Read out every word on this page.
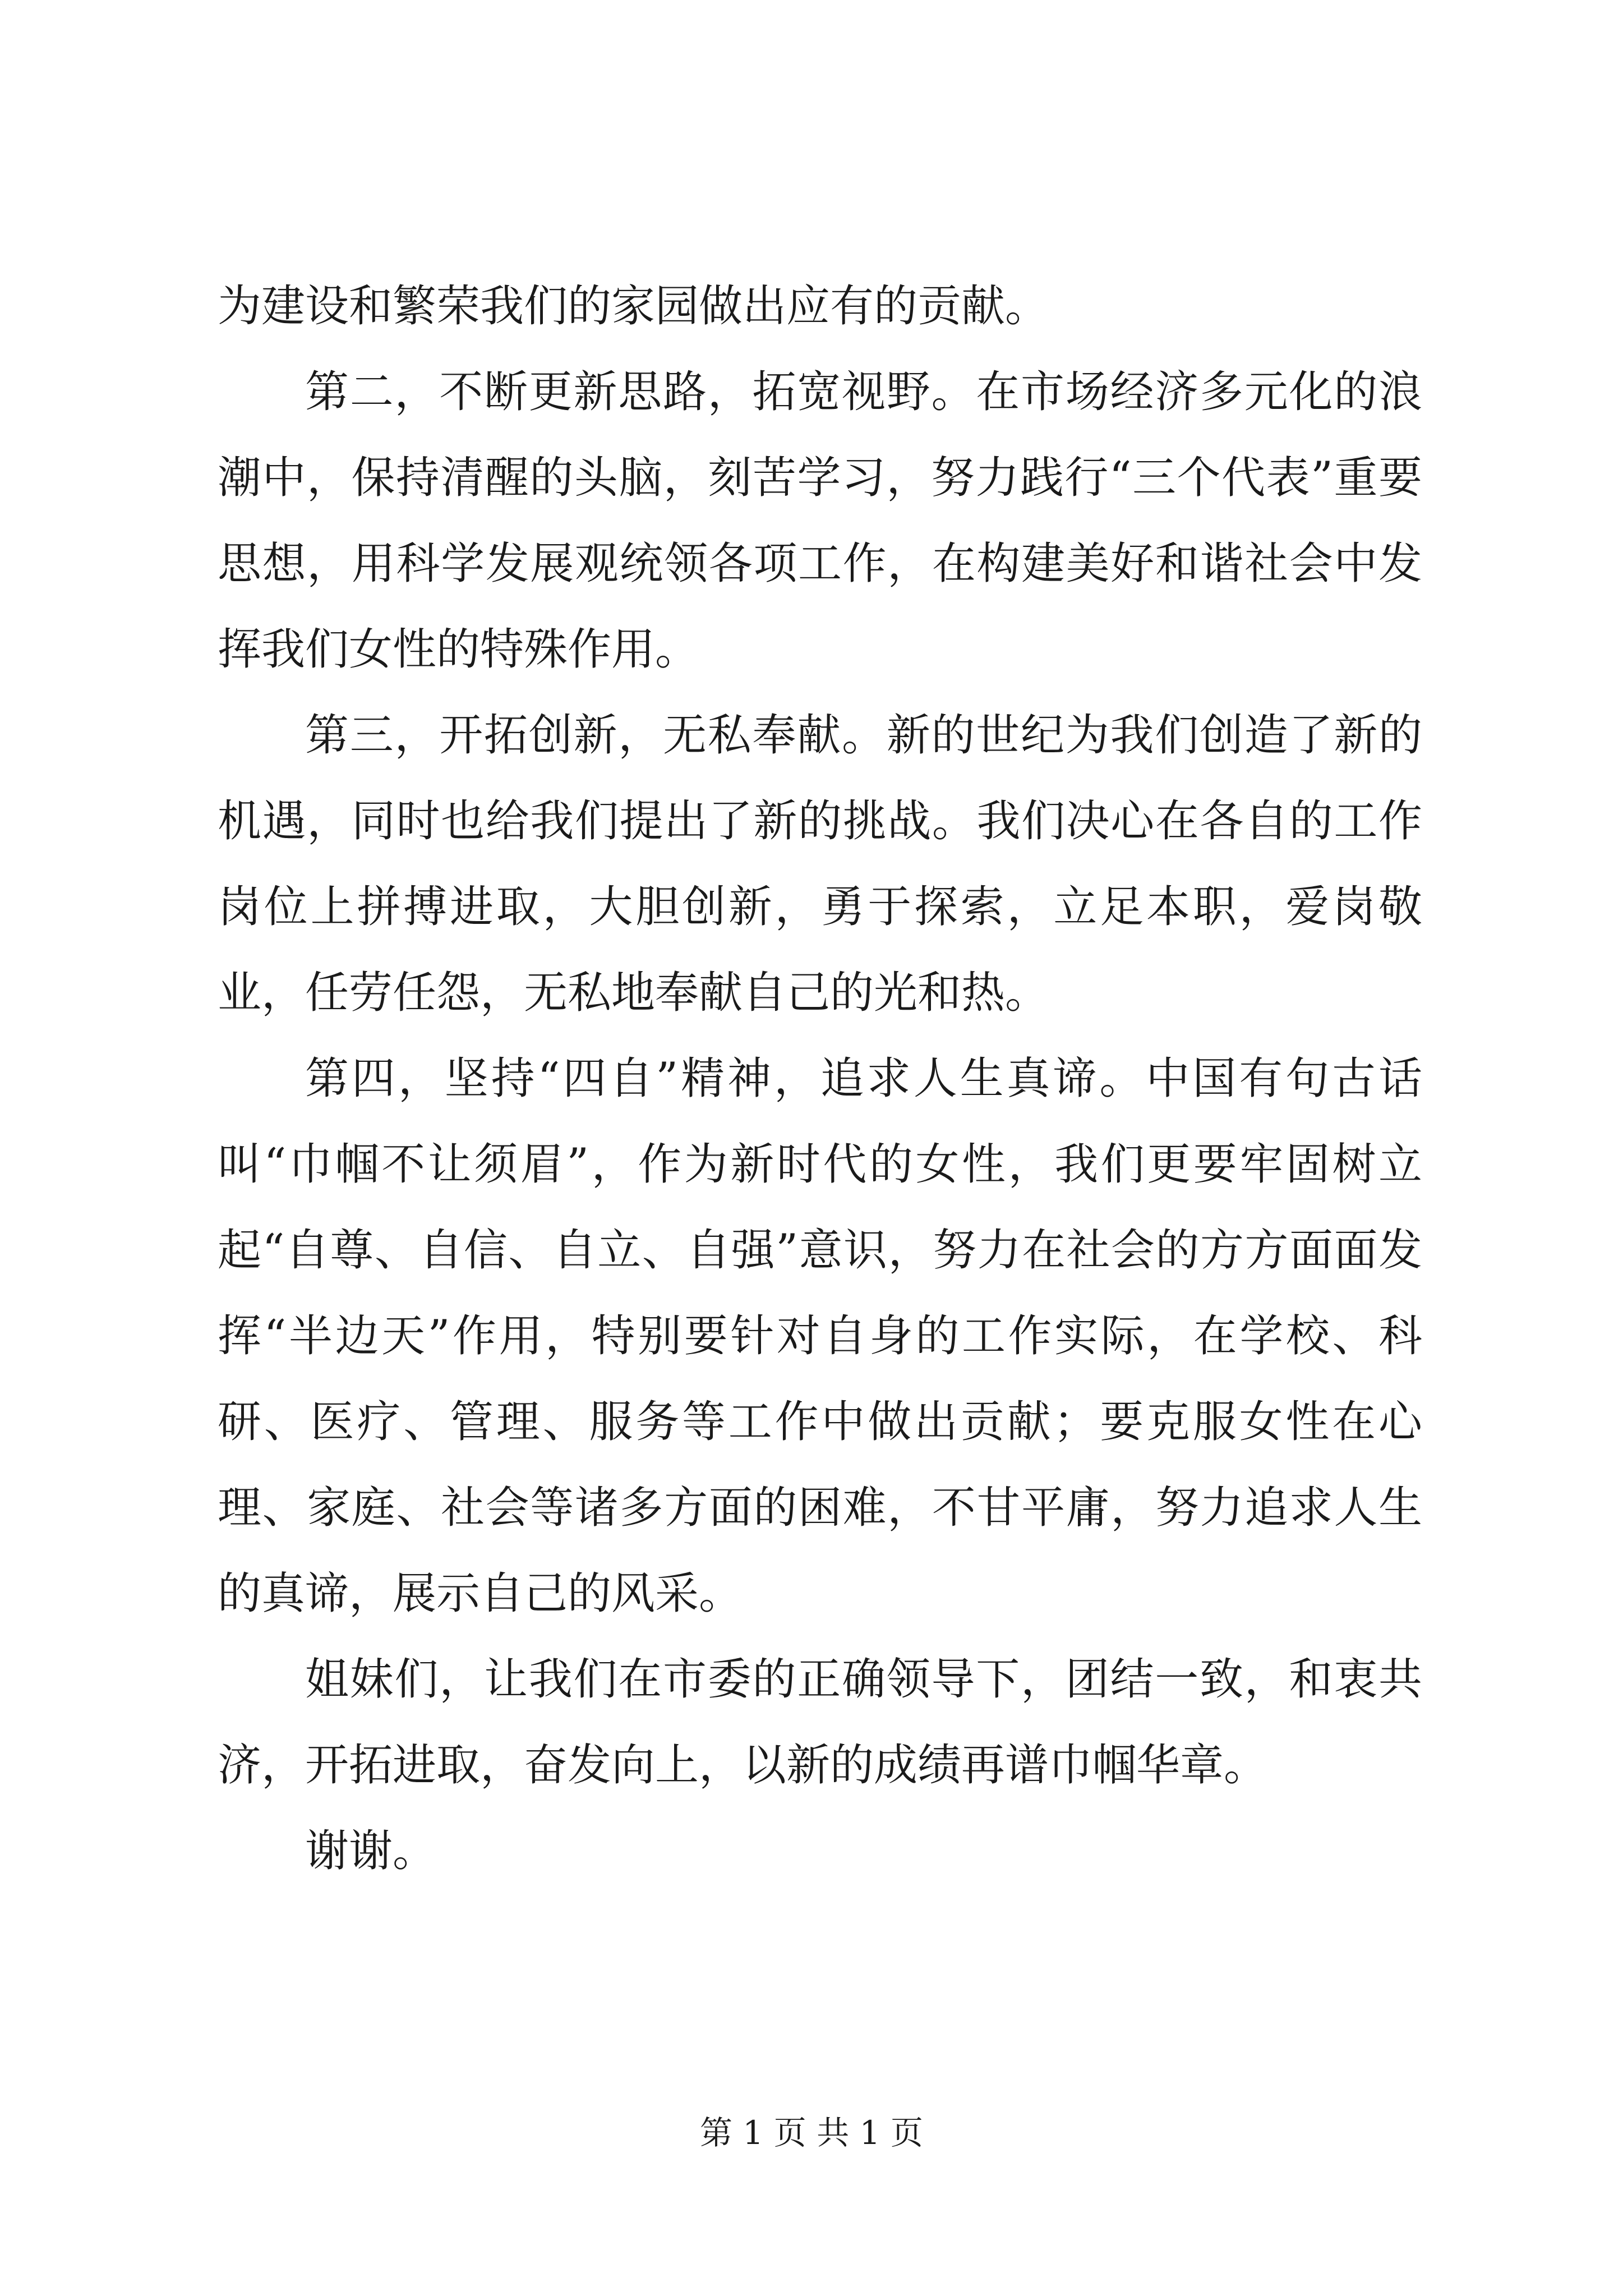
为建设和繁荣我们的家园做出应有的贡献。

第二，不断更新思路，拓宽视野。在市场经济多元化的浪潮中，保持清醒的头脑，刻苦学习，努力践行“三个代表”重要思想，用科学发展观统领各项工作，在构建美好和谐社会中发挥我们女性的特殊作用。

第三，开拓创新，无私奉献。新的世纪为我们创造了新的机遇，同时也给我们提出了新的挑战。我们决心在各自的工作岗位上拼搏进取，大胆创新，勇于探索，立足本职，爱岗敬业，任劳任怨，无私地奉献自己的光和热。

第四，坚持“四自”精神，追求人生真谛。中国有句古话叫“巾帼不让须眉”，作为新时代的女性，我们更要牢固树立起“自尊、自信、自立、自强”意识，努力在社会的方方面面发挥“半边天”作用，特别要针对自身的工作实际，在学校、科研、医疗、管理、服务等工作中做出贡献；要克服女性在心理、家庭、社会等诸多方面的困难，不甘平庸，努力追求人生的真谛，展示自己的风采。

姐妹们，让我们在市委的正确领导下，团结一致，和衷共济，开拓进取，奋发向上，以新的成绩再谱巾帼华章。

谢谢。

第 1 页 共 1 页
